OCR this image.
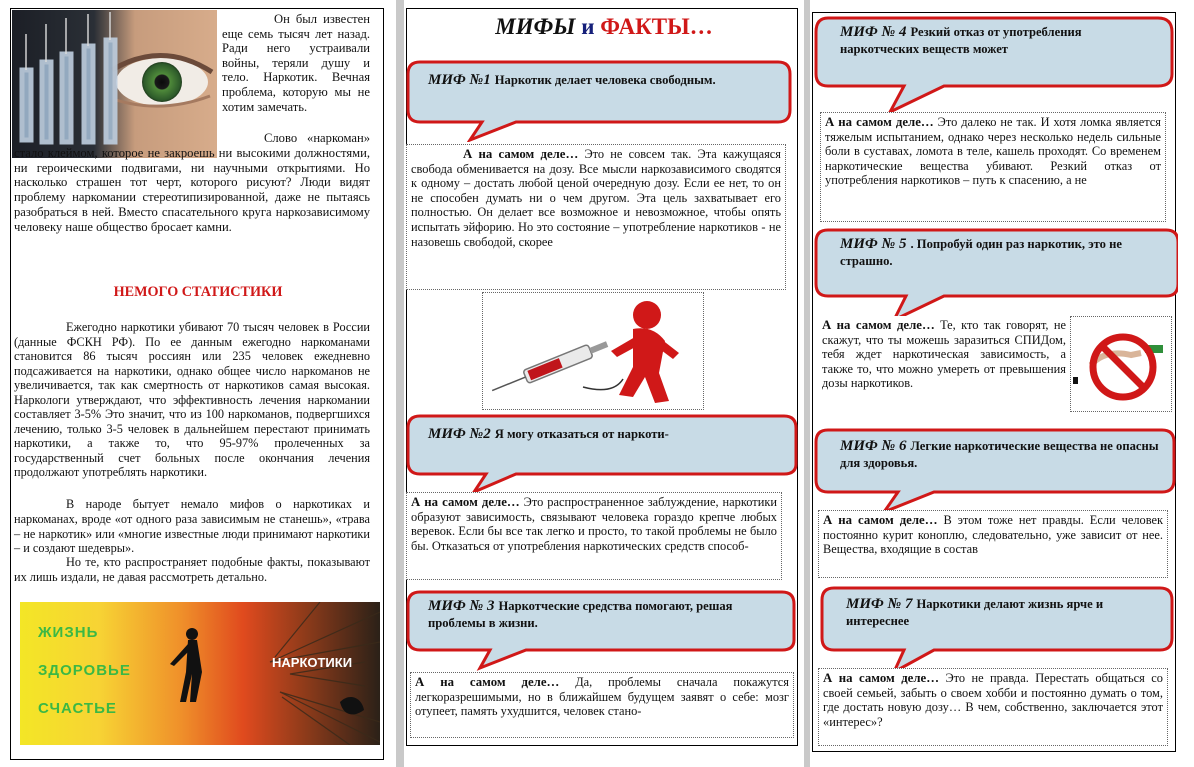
Он был известен еще семь тысяч лет назад. Ради него устраивали войны, теряли душу и тело. Наркотик. Вечная проблема, которую мы не хотим замечать.
Слово «наркоман» стало клеймом, которое не закроешь ни высокими должностями, ни героическими подвигами, ни научными открытиями. Но насколько страшен тот черт, которого рисуют? Люди видят проблему наркомании стереотипизированной, даже не пытаясь разобраться в ней. Вместо спасательного круга наркозависимому человеку наше общество бросает камни.
НЕМОГО СТАТИСТИКИ
Ежегодно наркотики убивают 70 тысяч человек в России (данные ФСКН РФ). По ее данным ежегодно наркоманами становится 86 тысяч россиян или 235 человек ежедневно подсаживается на наркотики, однако общее число наркоманов не увеличивается, так как смертность от наркотиков самая высокая. Наркологи утверждают, что эффективность лечения наркомании составляет 3-5% Это значит, что из 100 наркоманов, подвергшихся лечению, только 3-5 человек в дальнейшем перестают принимать наркотики, а также то, что 95-97% пролеченных за государственный счет больных после окончания лечения продолжают употреблять наркотики.
В народе бытует немало мифов о наркотиках и наркоманах, вроде «от одного раза зависимым не станешь», «трава – не наркотик» или «многие известные люди принимают наркотики – и создают шедевры».
Но те, кто распространяет подобные факты, показывают их лишь издали, не давая рассмотреть детально.
ЖИЗНЬ
ЗДОРОВЬЕ
СЧАСТЬЕ
НАРКОТИКИ
МИФЫ и ФАКТЫ…
МИФ №1 Наркотик делает человека свободным.
А на самом деле… Это не совсем так. Эта кажущаяся свобода обменивается на дозу. Все мысли наркозависимого сводятся к одному – достать любой ценой очередную дозу. Если ее нет, то он не способен думать ни о чем другом. Эта цель захватывает его полностью. Он делает все возможное и невозможное, чтобы опять испытать эйфорию. Но это состояние – употребление наркотиков - не назовешь свободой, скорее
МИФ №2 Я могу отказаться от наркоти-
А на самом деле… Это распространенное заблуждение, наркотики образуют зависимость, связывают человека гораздо крепче любых веревок. Если бы все так легко и просто, то такой проблемы не было бы. Отказаться от употребления наркотических средств способ-
МИФ № 3 Наркотческие средства помогают, решая проблемы в жизни.
А на самом деле… Да, проблемы сначала покажутся легкоразрешимыми, но в ближайшем будущем заявят о себе: мозг отупеет, память ухудшится, человек стано-
МИФ № 4 Резкий отказ от употребления наркотческих веществ может
А на самом деле… Это далеко не так. И хотя ломка является тяжелым испытанием, однако через несколько недель сильные боли в суставах, ломота в теле, кашель проходят. Со временем наркотические вещества убивают. Резкий отказ от употребления наркотиков – путь к спасению, а не
МИФ № 5 . Попробуй один раз наркотик, это не страшно.
А на самом деле… Те, кто так говорят, не скажут, что ты можешь заразиться СПИДом, тебя ждет наркотическая зависимость, а также то, что можно умереть от превышения дозы наркотиков.
МИФ № 6 Легкие наркотические вещества не опасны для здоровья.
А на самом деле… В этом тоже нет правды. Если человек постоянно курит коноплю, следовательно, уже зависит от нее. Вещества, входящие в состав
МИФ № 7 Наркотики делают жизнь ярче и интереснее
А на самом деле… Это не правда. Перестать общаться со своей семьей, забыть о своем хобби и постоянно думать о том, где достать новую дозу… В чем, собственно, заключается этот «интерес»?
